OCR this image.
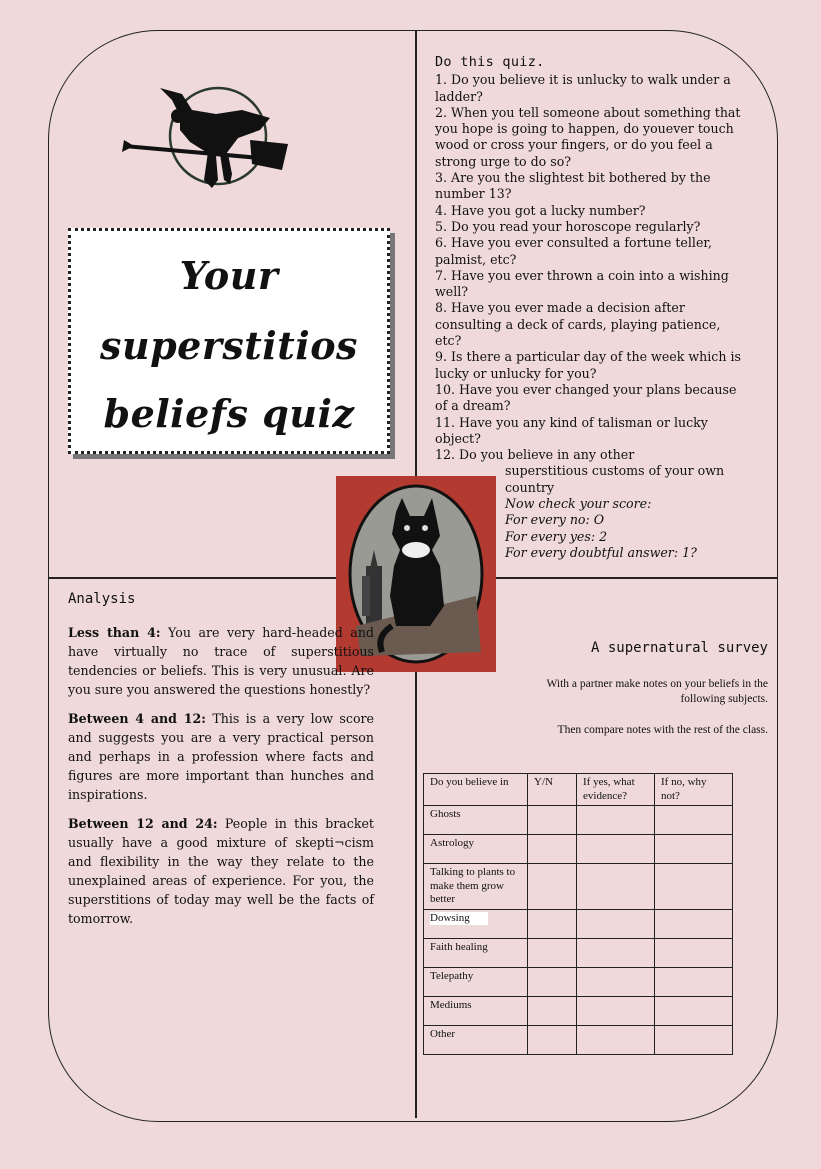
Your
superstitios
beliefs quiz
Do this quiz.
1. Do you believe it is unlucky to walk under a ladder?
2. When you tell someone about something that you hope is going to happen, do youever touch wood or cross your fingers, or do you feel a strong urge to do so?
3. Are you the slightest bit bothered by the number 13?
4. Have you got a lucky number?
5. Do you read your horoscope regularly?
6. Have you ever consulted a fortune teller, palmist, etc?
7. Have you ever thrown a coin into a wishing well?
8. Have you ever made a decision after consulting a deck of cards, playing patience, etc?
9. Is there a particular day of the week which is lucky or unlucky for you?
10. Have you ever changed your plans because of a dream?
11. Have you any kind of talisman or lucky object?
12. Do you believe in any other
superstitious customs of your own country
Now check your score:
For every no: O
For every yes: 2
For every doubtful answer: 1?
Analysis

Less than 4: You are very hard-headed and have virtually no trace of superstitious tendencies or beliefs. This is very unusual. Are you sure you answered the questions honestly?

Between 4 and 12: This is a very low score and suggests you are a very practical person and perhaps in a profession where facts and figures are more important than hunches and inspirations.

Between 12 and 24: People in this bracket usually have a good mixture of skepti¬cism and flexibility in the way they relate to the unexplained areas of experience. For you, the superstitions of today may well be the facts of tomorrow.

A supernatural survey
With a partner make notes on your beliefs in the following subjects.
Then compare notes with the rest of the class.
Do you believe in	Y/N	If yes, what evidence?	If no, why not?
Ghosts			
Astrology			
Talking to plants to make them grow better			
Dowsing			
Faith healing			
Telepathy			
Mediums			
Other			
